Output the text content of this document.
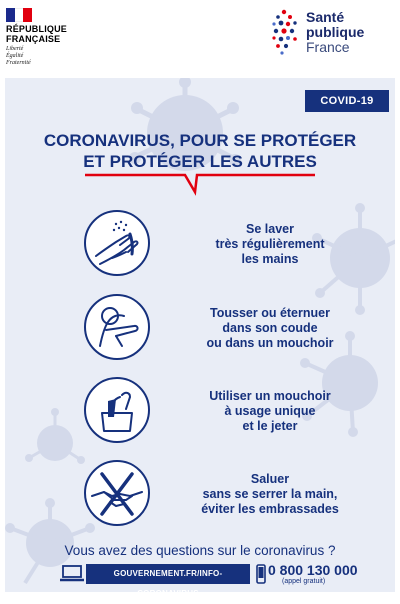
RÉPUBLIQUE
FRANÇAISE
Liberté
Égalité
Fraternité
Santé
publique
France
COVID-19
CORONAVIRUS, POUR SE PROTÉGER
ET PROTÉGER LES AUTRES
Se laver
très régulièrement
les mains
Tousser ou éternuer
dans son coude
ou dans un mouchoir
Utiliser un mouchoir
à usage unique
et le jeter
Saluer
sans se serrer la main,
éviter les embrassades
Vous avez des questions sur le coronavirus ?
GOUVERNEMENT.FR/INFO-CORONAVIRUS
0 800 130 000
(appel gratuit)
